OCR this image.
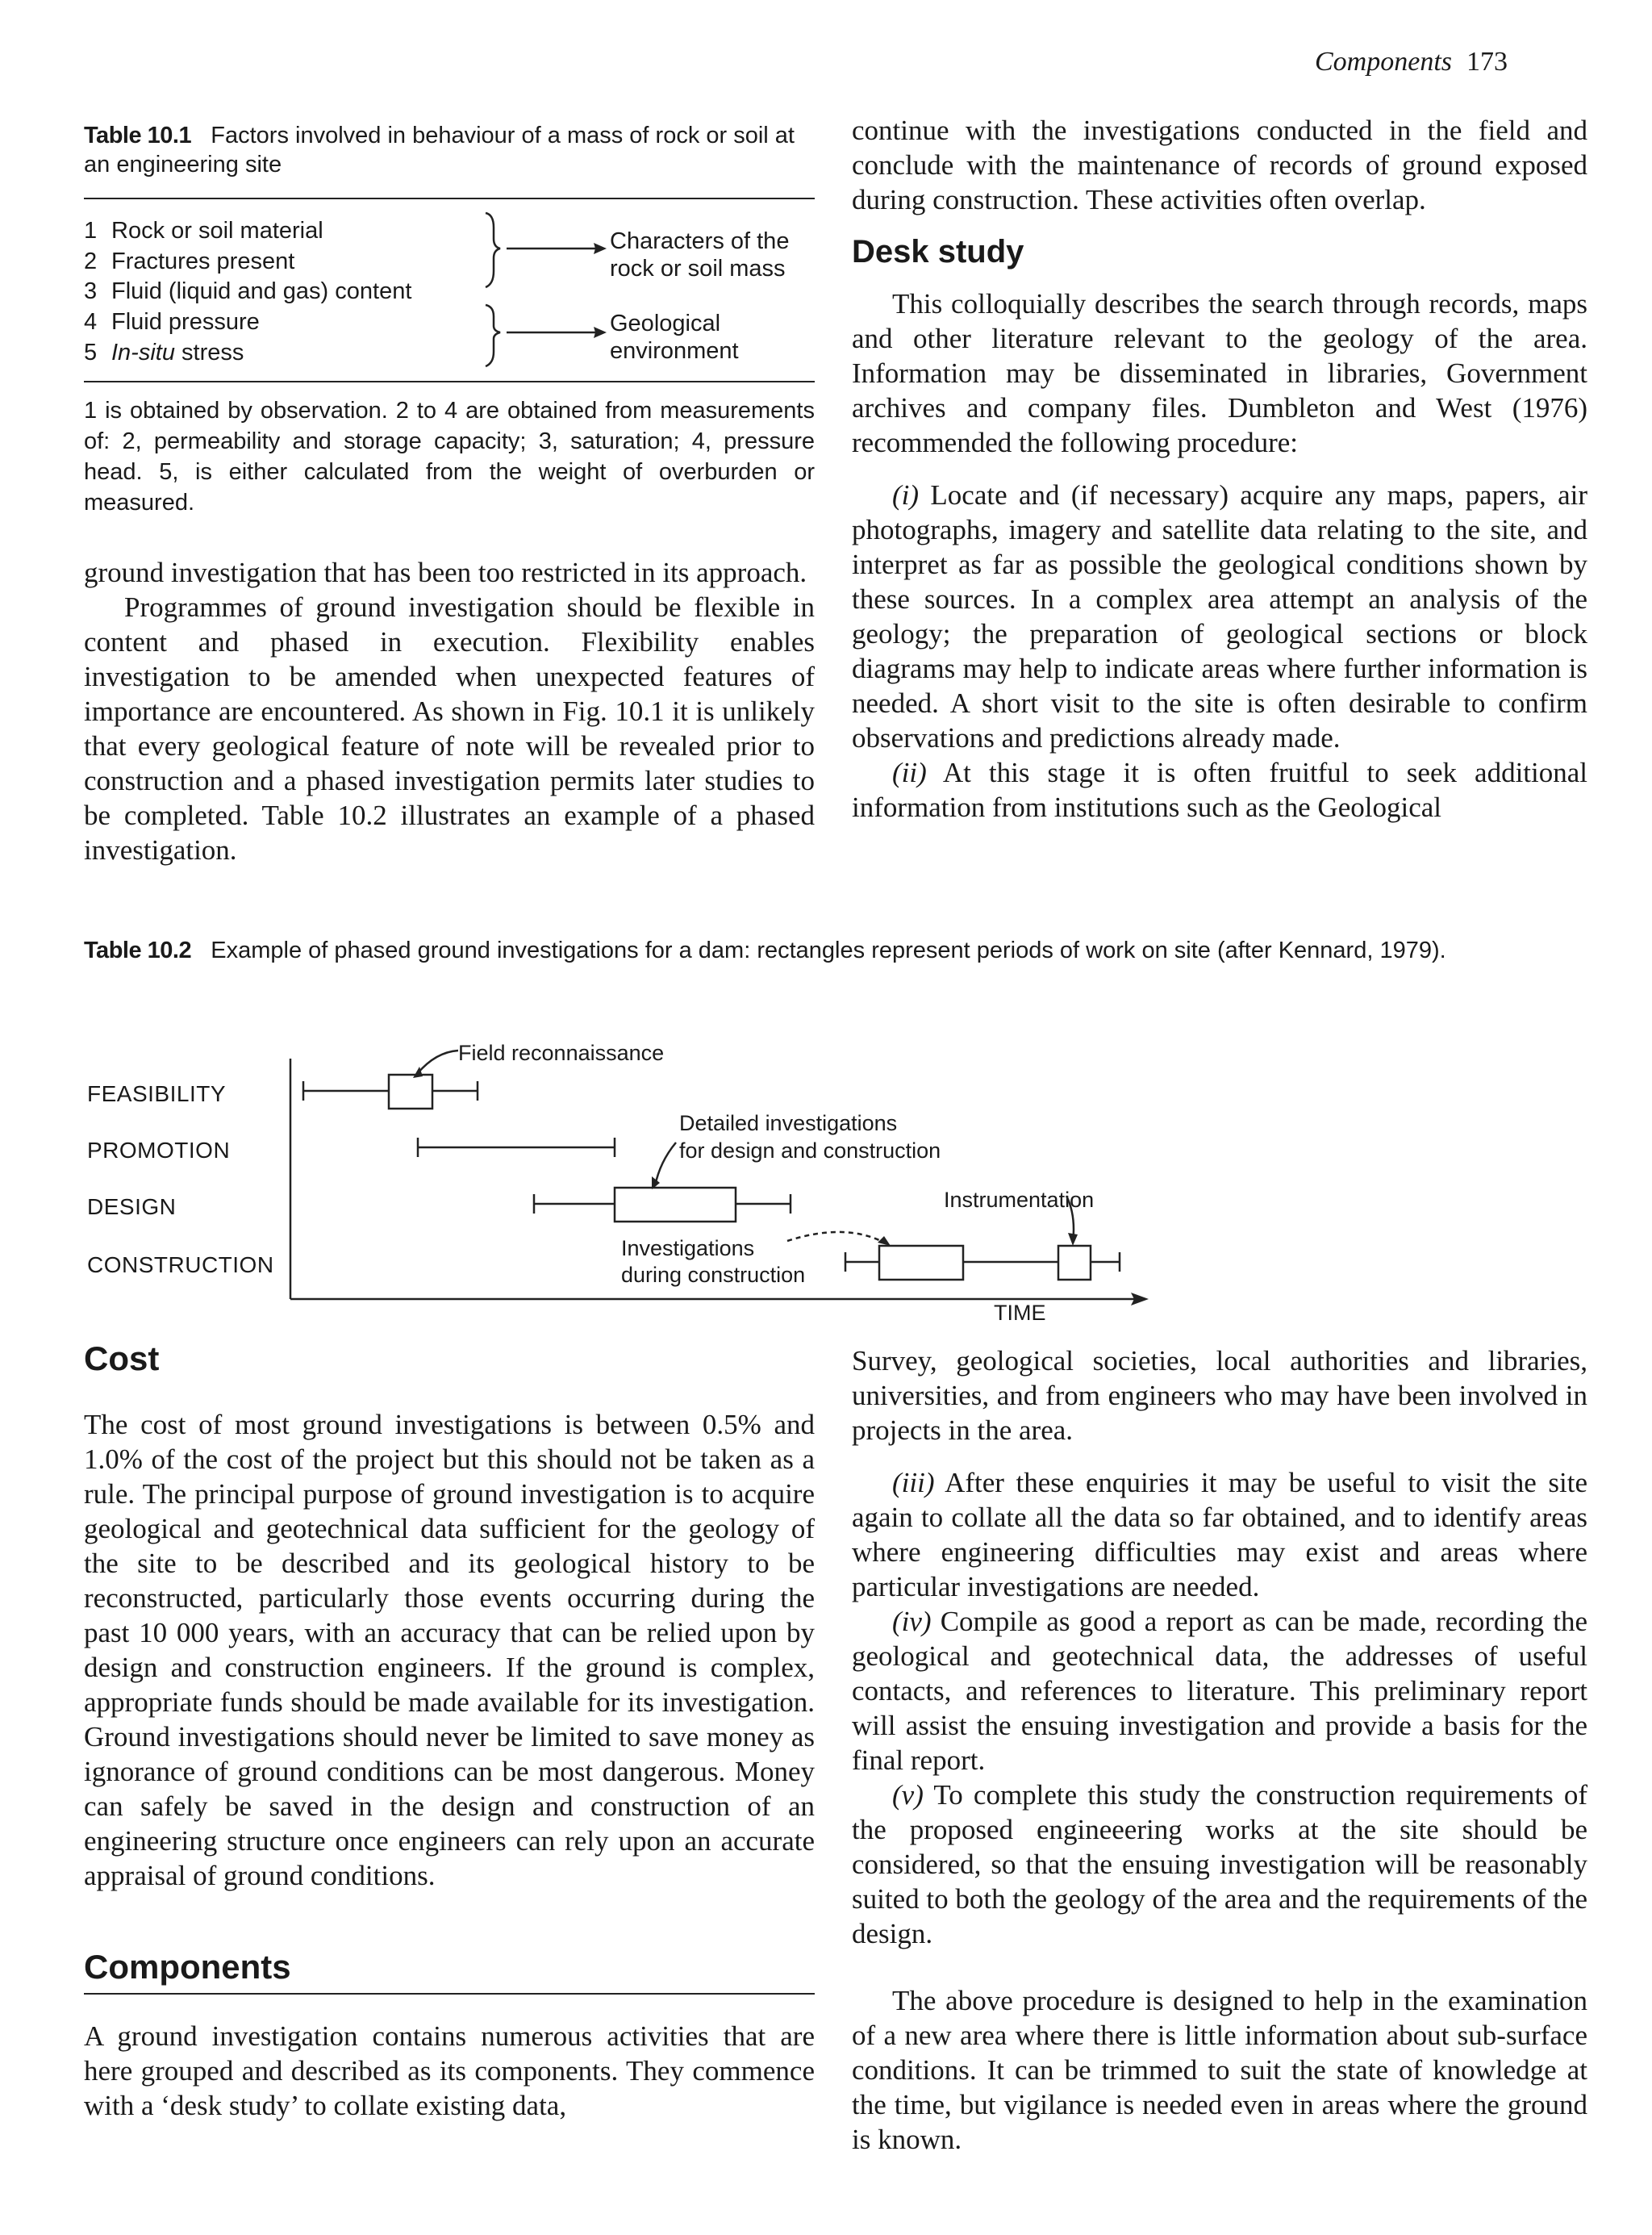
Components 173
Table 10.1 Factors involved in behaviour of a mass of rock or soil at an engineering site
1 Rock or soil material
2 Fractures present
3 Fluid (liquid and gas) content
4 Fluid pressure
5 In-situ stress
Characters of the
rock or soil mass
Geological
environment
1 is obtained by observation. 2 to 4 are obtained from measurements of: 2, permeability and storage capacity; 3, saturation; 4, pressure head. 5, is either calculated from the weight of overburden or measured.

ground investigation that has been too restricted in its approach.

Programmes of ground investigation should be flexible in content and phased in execution. Flexibility enables investigation to be amended when unexpected features of importance are encountered. As shown in Fig. 10.1 it is unlikely that every geological feature of note will be revealed prior to construction and a phased investigation permits later studies to be completed. Table 10.2 illustrates an example of a phased investigation.

continue with the investigations conducted in the field and conclude with the maintenance of records of ground exposed during construction. These activities often overlap.

Desk study

This colloquially describes the search through records, maps and other literature relevant to the geology of the area. Information may be disseminated in libraries, Government archives and company files. Dumbleton and West (1976) recommended the following procedure:

(i) Locate and (if necessary) acquire any maps, papers, air photographs, imagery and satellite data relating to the site, and interpret as far as possible the geological conditions shown by these sources. In a complex area attempt an analysis of the geology; the preparation of geological sections or block diagrams may help to indicate areas where further information is needed. A short visit to the site is often desirable to confirm observations and predictions already made.

(ii) At this stage it is often fruitful to seek additional information from institutions such as the Geological

Table 10.2 Example of phased ground investigations for a dam: rectangles represent periods of work on site (after Kennard, 1979).
FEASIBILITY
PROMOTION
DESIGN
CONSTRUCTION
Field reconnaissance
Detailed investigations
for design and construction
Instrumentation
Investigations
during construction
TIME
Cost

The cost of most ground investigations is between 0.5% and 1.0% of the cost of the project but this should not be taken as a rule. The principal purpose of ground investigation is to acquire geological and geotechnical data sufficient for the geology of the site to be described and its geological history to be reconstructed, particularly those events occurring during the past 10 000 years, with an accuracy that can be relied upon by design and construction engineers. If the ground is complex, appropriate funds should be made available for its investigation. Ground investigations should never be limited to save money as ignorance of ground conditions can be most dangerous. Money can safely be saved in the design and construction of an engineering structure once engineers can rely upon an accurate appraisal of ground conditions.

Components

A ground investigation contains numerous activities that are here grouped and described as its components. They commence with a ‘desk study’ to collate existing data,

Survey, geological societies, local authorities and libraries, universities, and from engineers who may have been involved in projects in the area.

(iii) After these enquiries it may be useful to visit the site again to collate all the data so far obtained, and to identify areas where engineering difficulties may exist and areas where particular investigations are needed.

(iv) Compile as good a report as can be made, recording the geological and geotechnical data, the addresses of useful contacts, and references to literature. This preliminary report will assist the ensuing investigation and provide a basis for the final report.

(v) To complete this study the construction requirements of the proposed engineeering works at the site should be considered, so that the ensuing investigation will be reasonably suited to both the geology of the area and the requirements of the design.

The above procedure is designed to help in the examination of a new area where there is little information about sub-surface conditions. It can be trimmed to suit the state of knowledge at the time, but vigilance is needed even in areas where the ground is known.
